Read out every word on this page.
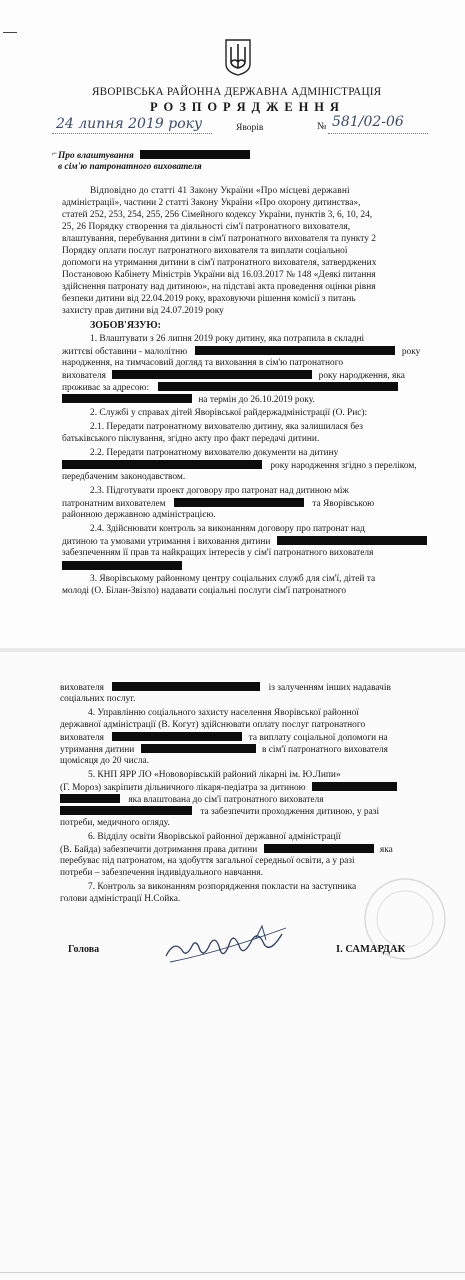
ЯВОРІВСЬКА РАЙОННА ДЕРЖАВНА АДМІНІСТРАЦІЯ
Р О З П О Р Я Д Ж Е Н Н Я
24 липня 2019 року	Яворів	№ 581/02-06
⌐ Про влаштування
в сім'ю патронатного вихователя
Відповідно до статті 41 Закону України «Про місцеві державні
адміністрації», частини 2 статті Закону України «Про охорону дитинства»,
статей 252, 253, 254, 255, 256 Сімейного кодексу України, пунктів 3, 6, 10, 24,
25, 26 Порядку створення та діяльності сім'ї патронатного вихователя,
влаштування, перебування дитини в сім'ї патронатного вихователя та пункту 2
Порядку оплати послуг патронатного вихователя та виплати соціальної
допомоги на утримання дитини в сім'ї патронатного вихователя, затверджених
Постановою Кабінету Міністрів України від 16.03.2017 № 148 «Деякі питання
здійснення патронату над дитиною», на підставі акта проведення оцінки рівня
безпеки дитини від 22.04.2019 року, враховуючи рішення комісії з питань
захисту прав дитини від 24.07.2019 року
ЗОБОВ'ЯЗУЮ:
1. Влаштувати з 26 липня 2019 року дитину, яка потрапила в складні
життєві обставини - малолітню	року
народження, на тимчасовий догляд та виховання в сім'ю патронатного
вихователя	року народження, яка
проживає за адресою:
на термін до 26.10.2019 року.
2. Службі у справах дітей Яворівської райдержадміністрації (О. Рис):
2.1. Передати патронатному вихователю дитину, яка залишилася без
батьківського піклування, згідно акту про факт передачі дитини.
2.2. Передати патронатному вихователю документи на дитину
року народження згідно з переліком,
передбаченим законодавством.
2.3. Підготувати проект договору про патронат над дитиною між
патронатним вихователем	та Яворівською
районною державною адміністрацією.
2.4. Здійснювати контроль за виконанням договору про патронат над
дитиною та умовами утримання і виховання дитини
забезпеченням її прав та найкращих інтересів у сім'ї патронатного вихователя
3. Яворівському районному центру соціальних служб для сім'ї, дітей та
молоді (О. Білан-Звізло) надавати соціальні послуги сім'ї патронатного
вихователя	із залученням інших надавачів
соціальних послуг.
4. Управлінню соціального захисту населення Яворівської районної
державної адміністрації (В. Когут) здійснювати оплату послуг патронатного
вихователя	та виплату соціальної допомоги на
утримання дитини	в сім'ї патронатного вихователя
щомісяця до 20 числа.
5. КНП ЯРР ЛО «Нововорівській районий лікарні ім. Ю.Липи»
(Г. Мороз) закріпити дільничного лікаря-педіатра за дитиною
яка влаштована до сім'ї патронатного вихователя
та забезпечити проходження дитиною, у разі
потреби, медичного огляду.
6. Відділу освіти Яворівської районної державної адміністрації
(В. Байда) забезпечити дотримання права дитини	яка
перебуває під патронатом, на здобуття загальної середньої освіти, а у разі
потреби – забезпечення індивідуального навчання.
7. Контроль за виконанням розпорядження покласти на заступника
голови адміністрації Н.Сойка.
Голова	І. САМАРДАК
